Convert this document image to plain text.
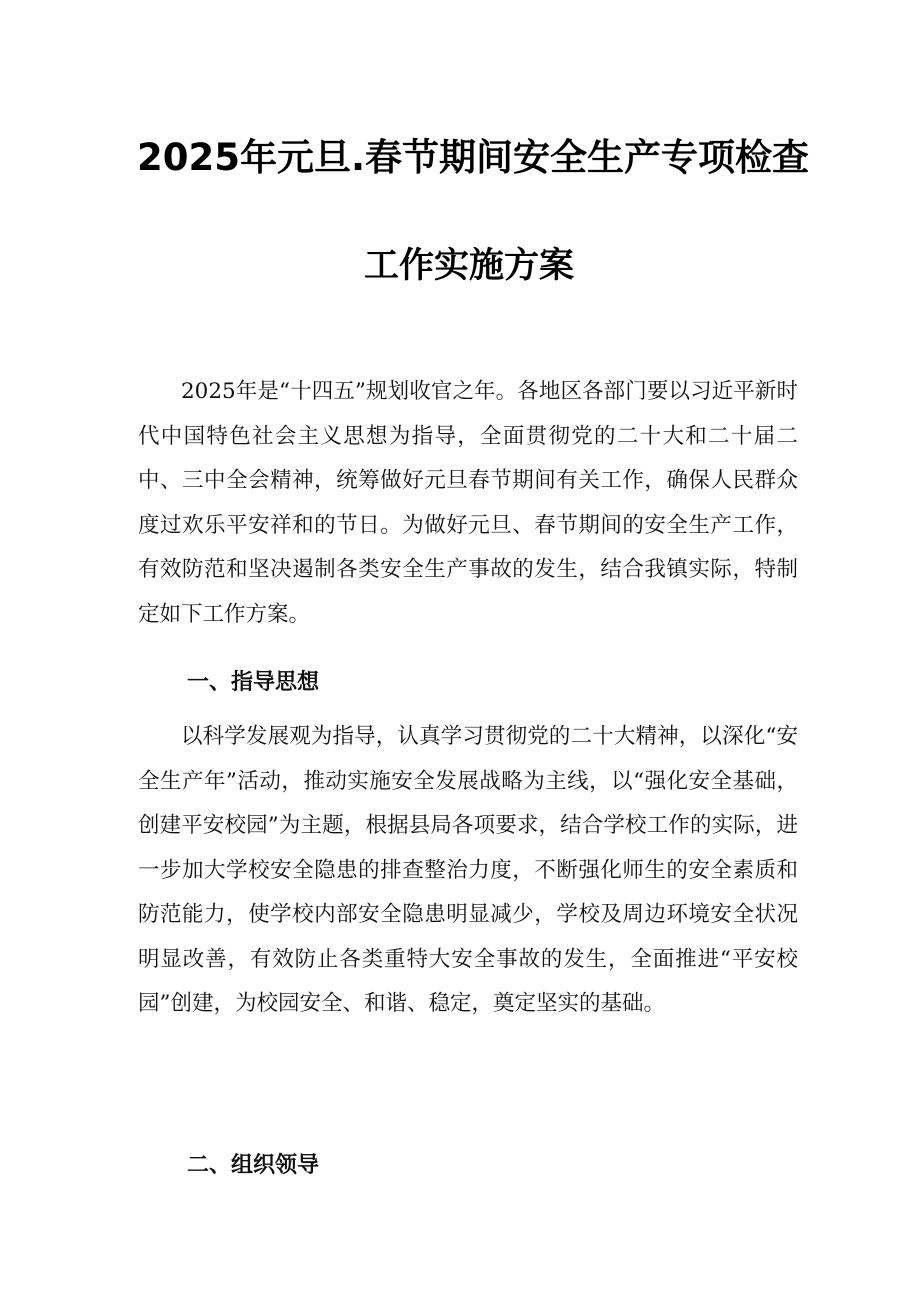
2025年元旦.春节期间安全生产专项检查
工作实施方案

2025年是“十四五”规划收官之年。各地区各部门要以习近平新时代中国特色社会主义思想为指导，全面贯彻党的二十大和二十届二中、三中全会精神，统筹做好元旦春节期间有关工作，确保人民群众度过欢乐平安祥和的节日。为做好元旦、春节期间的安全生产工作，有效防范和坚决遏制各类安全生产事故的发生，结合我镇实际，特制定如下工作方案。

一、指导思想

以科学发展观为指导，认真学习贯彻党的二十大精神，以深化“安全生产年”活动，推动实施安全发展战略为主线，以“强化安全基础，创建平安校园”为主题，根据县局各项要求，结合学校工作的实际，进一步加大学校安全隐患的排查整治力度，不断强化师生的安全素质和防范能力，使学校内部安全隐患明显减少，学校及周边环境安全状况明显改善，有效防止各类重特大安全事故的发生，全面推进“平安校园”创建，为校园安全、和谐、稳定，奠定坚实的基础。

二、组织领导
